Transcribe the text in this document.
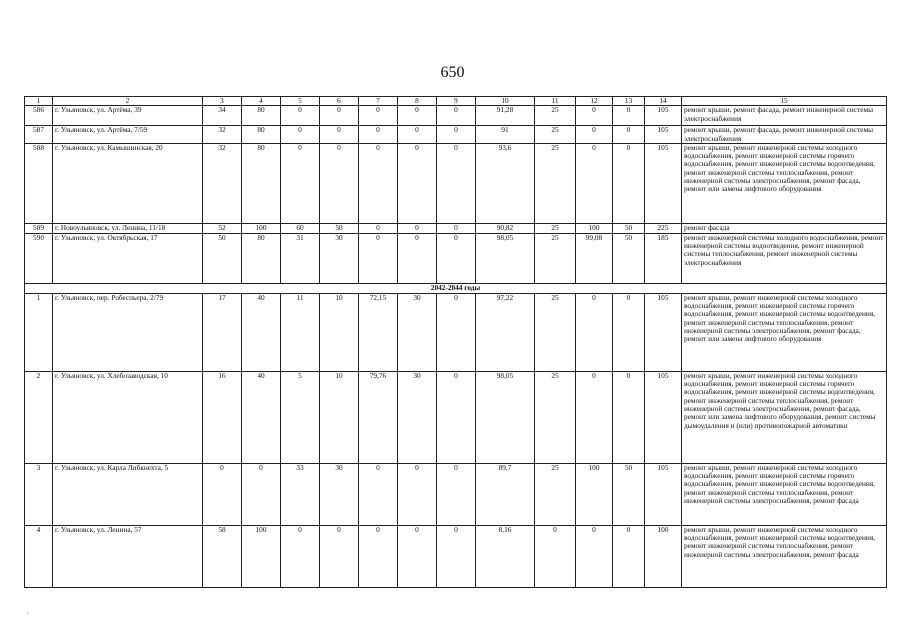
650
1	2	3	4	5	6	7	8	9	10	11	12	13	14	15
586	г. Ульяновск, ул. Артёма, 39	34	80	0	0	0	0	0	91,28	25	0	0	105	ремонт крыши, ремонт фасада, ремонт инженерной системы электроснабжения
587	г. Ульяновск, ул. Артёма, 7/59	32	80	0	0	0	0	0	91	25	0	0	105	ремонт крыши, ремонт фасада, ремонт инженерной системы электроснабжения
588	г. Ульяновск, ул. Камышинская, 20	32	80	0	0	0	0	0	93,6	25	0	0	105	ремонт крыши, ремонт инженерной системы холодного водоснабжения, ремонт инженерной системы горячего водоснабжения, ремонт инженерной системы водоотведения, ремонт инженерной системы теплоснабжения, ремонт инженерной системы электроснабжения, ремонт фасада, ремонт или замена лифтового оборудования
589	г. Новоульяновск, ул. Ленина, 11/18	52	100	60	50	0	0	0	90,82	25	100	50	225	ремонт фасада
590	г. Ульяновск, ул. Октябрьская, 17	50	80	31	30	0	0	0	98,05	25	99,08	50	185	ремонт инженерной системы холодного водоснабжения, ремонт инженерной системы водоотведения, ремонт инженерной системы теплоснабжения, ремонт инженерной системы электроснабжения
2042-2044 годы														
1	г. Ульяновск, пер. Робеспьера, 2/79	17	40	11	10	72,15	30	0	97,22	25	0	0	105	ремонт крыши, ремонт инженерной системы холодного водоснабжения, ремонт инженерной системы горячего водоснабжения, ремонт инженерной системы водоотведения, ремонт инженерной системы теплоснабжения, ремонт инженерной системы электроснабжения, ремонт фасада, ремонт или замена лифтового оборудования
2	г. Ульяновск, ул. Хлебозаводская, 10	16	40	5	10	79,76	30	0	98,05	25	0	0	105	ремонт крыши, ремонт инженерной системы холодного водоснабжения, ремонт инженерной системы горячего водоснабжения, ремонт инженерной системы водоотведения, ремонт инженерной системы теплоснабжения, ремонт инженерной системы электроснабжения, ремонт фасада, ремонт или замена лифтового оборудования, ремонт системы дымоудаления и (или) противопожарной автоматики
3	г. Ульяновск, ул. Карла Либкнехта, 5	0	0	33	30	0	0	0	89,7	25	100	50	105	ремонт крыши, ремонт инженерной системы холодного водоснабжения, ремонт инженерной системы горячего водоснабжения, ремонт инженерной системы водоотведения, ремонт инженерной системы теплоснабжения, ремонт инженерной системы электроснабжения, ремонт фасада
4	г. Ульяновск, ул. Ленина, 57	58	100	0	0	0	0	0	8,16	0	0	0	100	ремонт крыши, ремонт инженерной системы холодного водоснабжения, ремонт инженерной системы водоотведения, ремонт инженерной системы теплоснабжения, ремонт инженерной системы электроснабжения, ремонт фасада
·
